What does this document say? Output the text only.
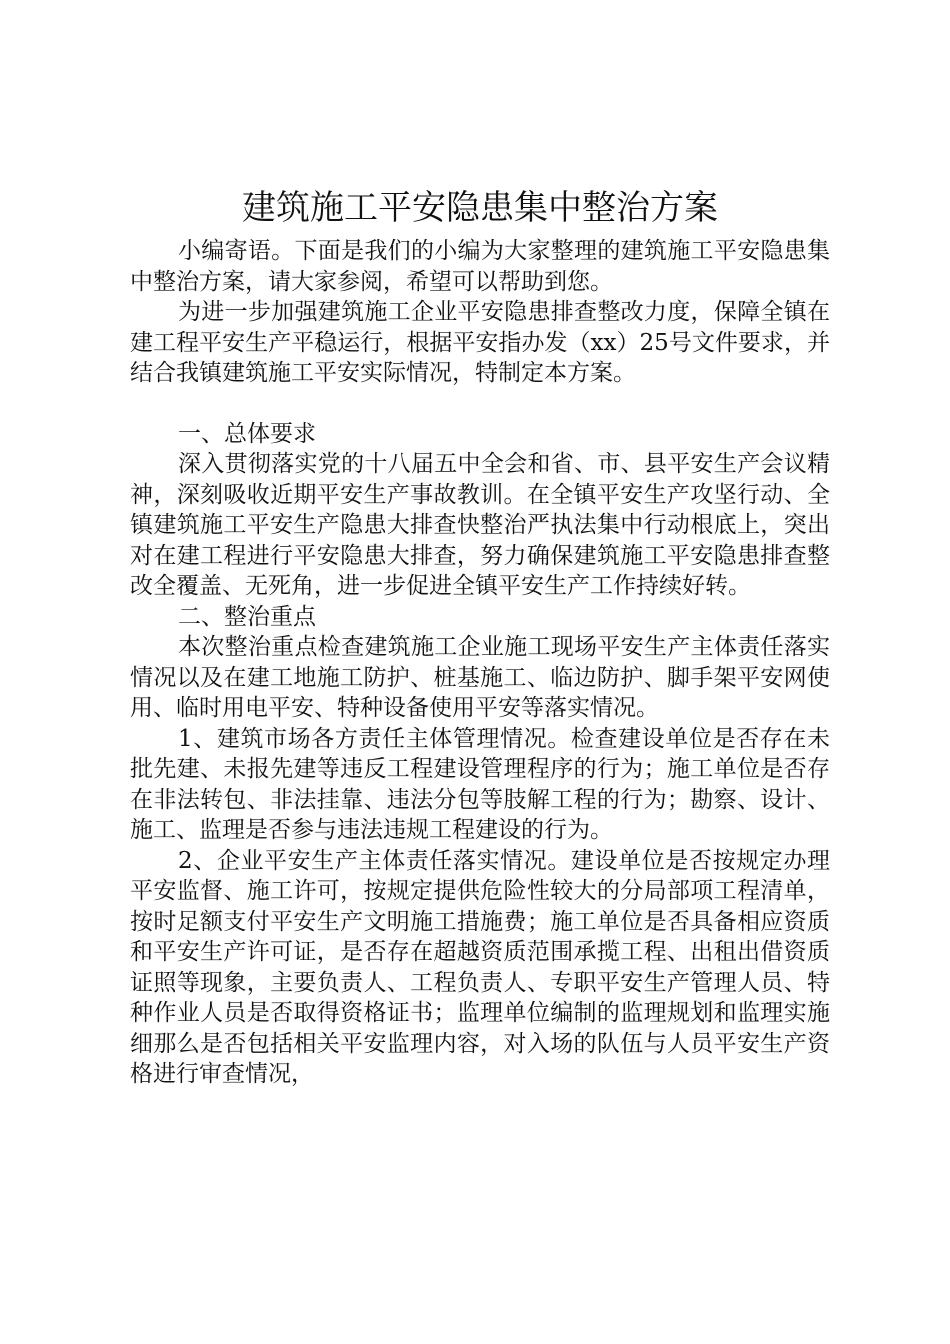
建筑施工平安隐患集中整治方案

小编寄语。下面是我们的小编为大家整理的建筑施工平安隐患集中整治方案，请大家参阅，希望可以帮助到您。

为进一步加强建筑施工企业平安隐患排查整改力度，保障全镇在建工程平安生产平稳运行，根据平安指办发（xx）25号文件要求，并结合我镇建筑施工平安实际情况，特制定本方案。

一、总体要求

深入贯彻落实党的十八届五中全会和省、市、县平安生产会议精神，深刻吸收近期平安生产事故教训。在全镇平安生产攻坚行动、全镇建筑施工平安生产隐患大排查快整治严执法集中行动根底上，突出对在建工程进行平安隐患大排查，努力确保建筑施工平安隐患排查整改全覆盖、无死角，进一步促进全镇平安生产工作持续好转。

二、整治重点

本次整治重点检查建筑施工企业施工现场平安生产主体责任落实情况以及在建工地施工防护、桩基施工、临边防护、脚手架平安网使用、临时用电平安、特种设备使用平安等落实情况。

1、建筑市场各方责任主体管理情况。检查建设单位是否存在未批先建、未报先建等违反工程建设管理程序的行为；施工单位是否存在非法转包、非法挂靠、违法分包等肢解工程的行为；勘察、设计、施工、监理是否参与违法违规工程建设的行为。

2、企业平安生产主体责任落实情况。建设单位是否按规定办理平安监督、施工许可，按规定提供危险性较大的分局部项工程清单，按时足额支付平安生产文明施工措施费；施工单位是否具备相应资质和平安生产许可证，是否存在超越资质范围承揽工程、出租出借资质证照等现象，主要负责人、工程负责人、专职平安生产管理人员、特种作业人员是否取得资格证书；监理单位编制的监理规划和监理实施细那么是否包括相关平安监理内容，对入场的队伍与人员平安生产资格进行审查情况，
